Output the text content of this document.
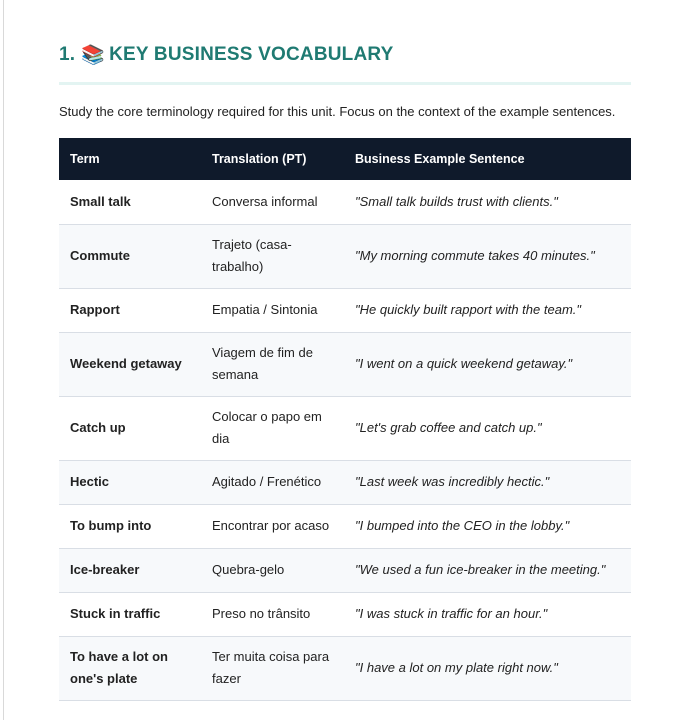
1. 📚 KEY BUSINESS VOCABULARY
Study the core terminology required for this unit. Focus on the context of the example sentences.
Term	Translation (PT)	Business Example Sentence
Small talk	Conversa informal	"Small talk builds trust with clients."
Commute	Trajeto (casa-trabalho)	"My morning commute takes 40 minutes."
Rapport	Empatia / Sintonia	"He quickly built rapport with the team."
Weekend getaway	Viagem de fim de semana	"I went on a quick weekend getaway."
Catch up	Colocar o papo em dia	"Let's grab coffee and catch up."
Hectic	Agitado / Frenético	"Last week was incredibly hectic."
To bump into	Encontrar por acaso	"I bumped into the CEO in the lobby."
Ice-breaker	Quebra-gelo	"We used a fun ice-breaker in the meeting."
Stuck in traffic	Preso no trânsito	"I was stuck in traffic for an hour."
To have a lot on one's plate	Ter muita coisa para fazer	"I have a lot on my plate right now."
